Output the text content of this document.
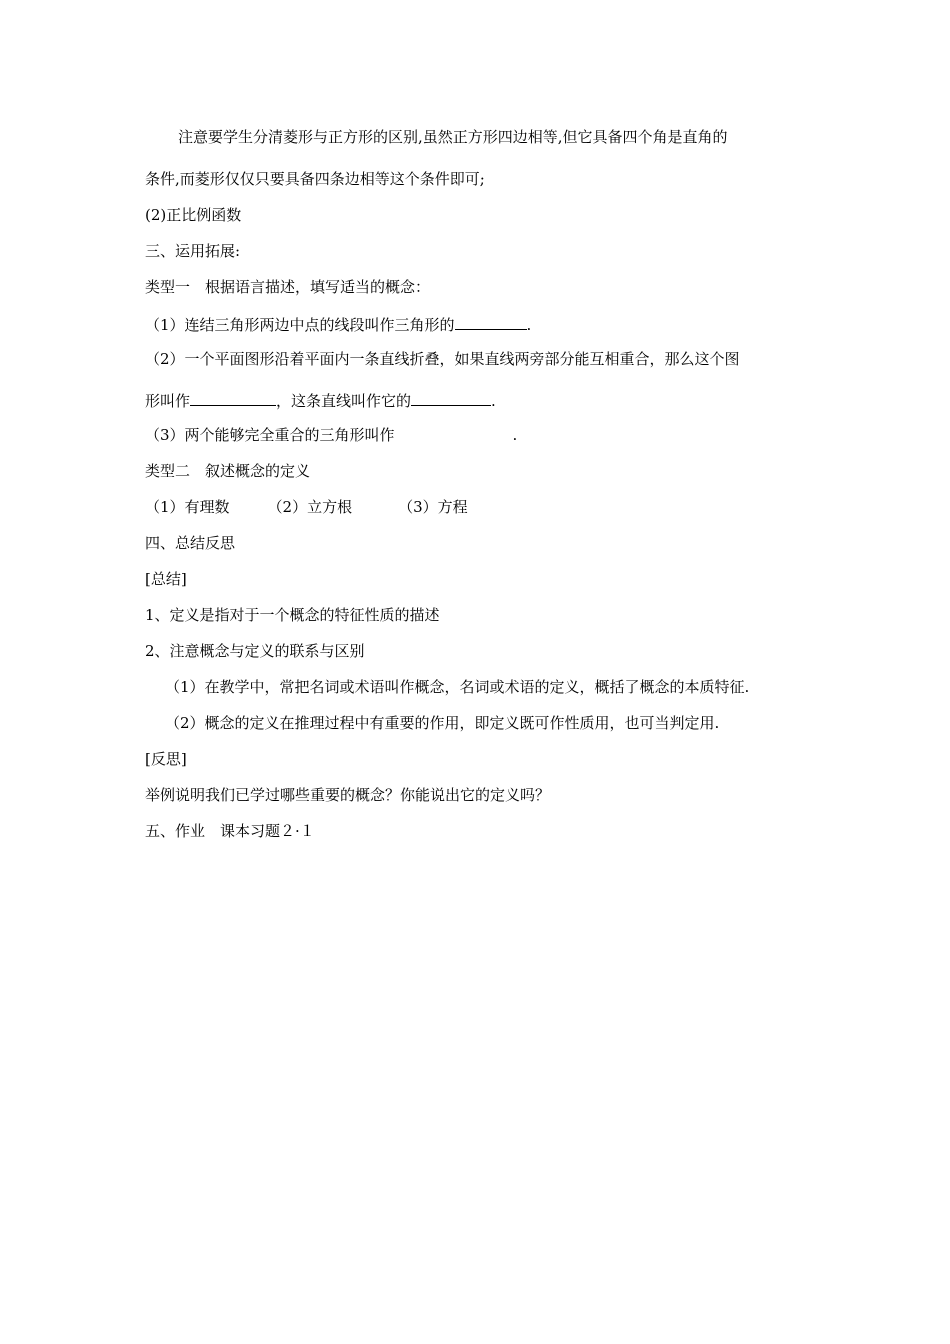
注意要学生分清菱形与正方形的区别,虽然正方形四边相等,但它具备四个角是直角的
条件,而菱形仅仅只要具备四条边相等这个条件即可;
(2)正比例函数
三、运用拓展:
类型一　根据语言描述，填写适当的概念：
（1）连结三角形两边中点的线段叫作三角形的	.
（2）一个平面图形沿着平面内一条直线折叠，如果直线两旁部分能互相重合，那么这个图
形叫作	，这条直线叫作它的	.
（3）两个能够完全重合的三角形叫作	.
类型二　叙述概念的定义
（1）有理数	（2）立方根	（3）方程
四、总结反思
[总结]
1、定义是指对于一个概念的特征性质的描述
2、注意概念与定义的联系与区别
（1）在教学中，常把名词或术语叫作概念，名词或术语的定义，概括了概念的本质特征.
（2）概念的定义在推理过程中有重要的作用，即定义既可作性质用，也可当判定用.
[反思]
举例说明我们已学过哪些重要的概念？你能说出它的定义吗？
五、作业　课本习题２·１
